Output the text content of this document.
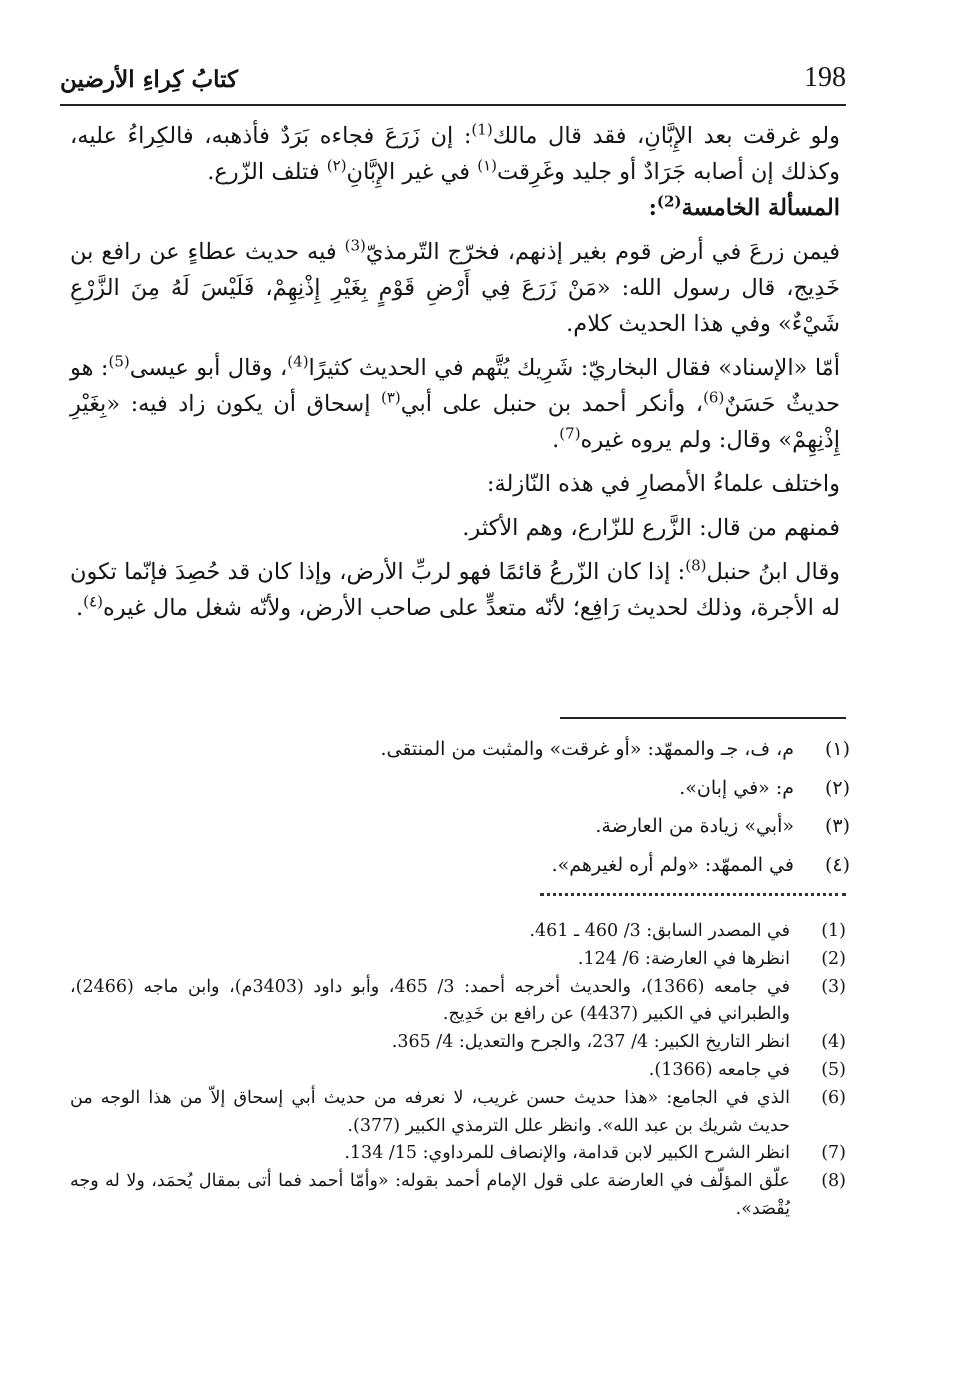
كتابُ كِراءِ الأرضين	198

ولو غرقت بعد الإِبَّانِ، فقد قال مالك$^{(1)}$: إن زَرَعَ فجاءه بَرَدٌ فأذهبه، فالكِراءُ عليه، وكذلك إن أصابه جَرَادٌ أو جليد وغَرِقت$^{(١)}$ في غير الإِبَّانِ$^{(٢)}$ فتلف الزّرع.

المسألة الخامسة$^{(2)}$:

فيمن زرعَ في أرض قوم بغير إذنهم، فخرّج التّرمذيّ$^{(3)}$ فيه حديث عطاءٍ عن رافع بن خَدِيج، قال رسول الله: «مَنْ زَرَعَ فِي أَرْضِ قَوْمٍ بِغَيْرِ إِذْنِهِمْ، فَلَيْسَ لَهُ مِنَ الزَّرْعِ شَيْءٌ» وفي هذا الحديث كلام.

أمّا «الإسناد» فقال البخاريّ: شَرِيك يُتَّهم في الحديث كثيرًا$^{(4)}$، وقال أبو عيسى$^{(5)}$: هو حديثٌ حَسَنٌ$^{(6)}$، وأنكر أحمد بن حنبل على أبي$^{(٣)}$ إسحاق أن يكون زاد فيه: «بِغَيْرِ إِذْنِهِمْ» وقال: ولم يروه غيره$^{(7)}$.

واختلف علماءُ الأمصارِ في هذه النّازلة:

فمنهم من قال: الزَّرع للزّارع، وهم الأكثر.

وقال ابنُ حنبل$^{(8)}$: إذا كان الزّرعُ قائمًا فهو لربِّ الأرض، وإذا كان قد حُصِدَ فإنّما تكون له الأجرة، وذلك لحديث رَافِع؛ لأنّه متعدٍّ على صاحب الأرض، ولأنّه شغل مال غيره$^{(٤)}$.

(١)
م، ف، جـ والممهّد: «أو غرقت» والمثبت من المنتقى.
(٢)
م: «في إبان».
(٣)
«أبي» زيادة من العارضة.
(٤)
في الممهّد: «ولم أره لغيرهم».
(1)
في المصدر السابق: 3/ 460 ـ 461.
(2)
انظرها في العارضة: 6/ 124.
(3)
في جامعه (1366)، والحديث أخرجه أحمد: 3/ 465، وأبو داود (3403م)، وابن ماجه (2466)، والطبراني في الكبير (4437) عن رافع بن خَدِيج.
(4)
انظر التاريخ الكبير: 4/ 237، والجرح والتعديل: 4/ 365.
(5)
في جامعه (1366).
(6)
الذي في الجامع: «هذا حديث حسن غريب، لا نعرفه من حديث أبي إسحاق إلاّ من هذا الوجه من حديث شريك بن عبد الله». وانظر علل الترمذي الكبير (377).
(7)
انظر الشرح الكبير لابن قدامة، والإنصاف للمرداوي: 15/ 134.
(8)
علّق المؤلّف في العارضة على قول الإمام أحمد بقوله: «وأمّا أحمد فما أتى بمقال يُحمَد، ولا له وجه يُقْصَد».
